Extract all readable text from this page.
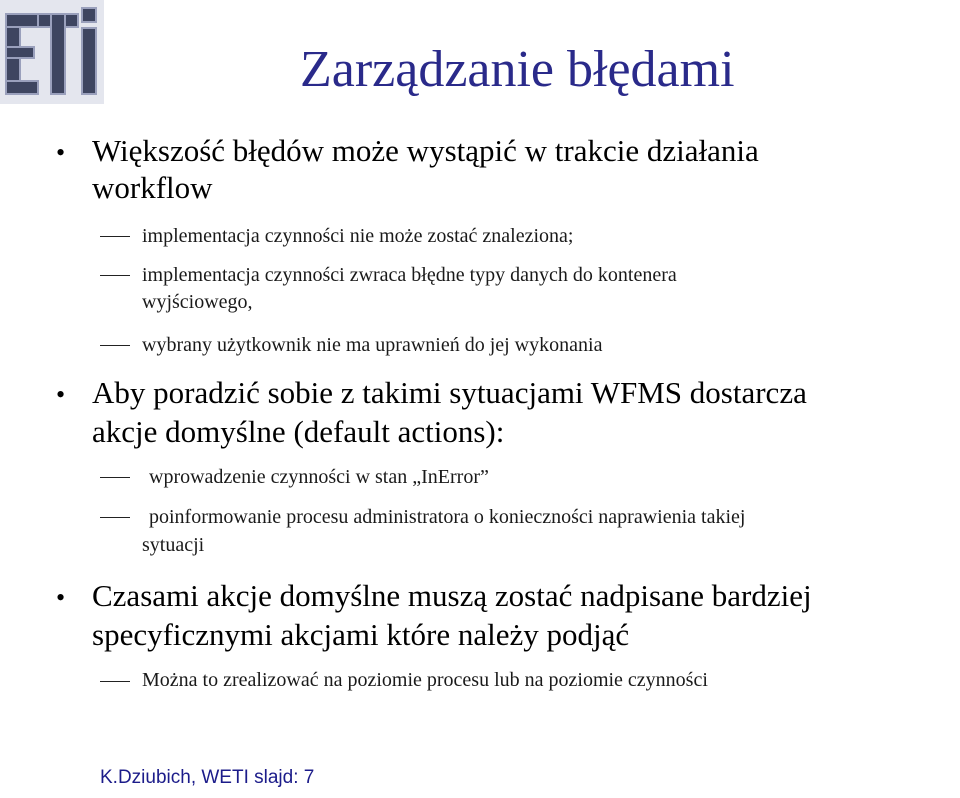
Zarządzanie błędami
• Większość błędów może wystąpić w trakcie działania
workflow
implementacja czynności nie może zostać znaleziona;
implementacja czynności zwraca błędne typy danych do kontenera
wyjściowego,
wybrany użytkownik nie ma uprawnień do jej wykonania
• Aby poradzić sobie z takimi sytuacjami WFMS dostarcza
akcje domyślne (default actions):
wprowadzenie czynności w stan „InError”
poinformowanie procesu administratora o konieczności naprawienia takiej
sytuacji
• Czasami akcje domyślne muszą zostać nadpisane bardziej
specyficznymi akcjami które należy podjąć
Można to zrealizować na poziomie procesu lub na poziomie czynności
K.Dziubich, WETI slajd: 7
